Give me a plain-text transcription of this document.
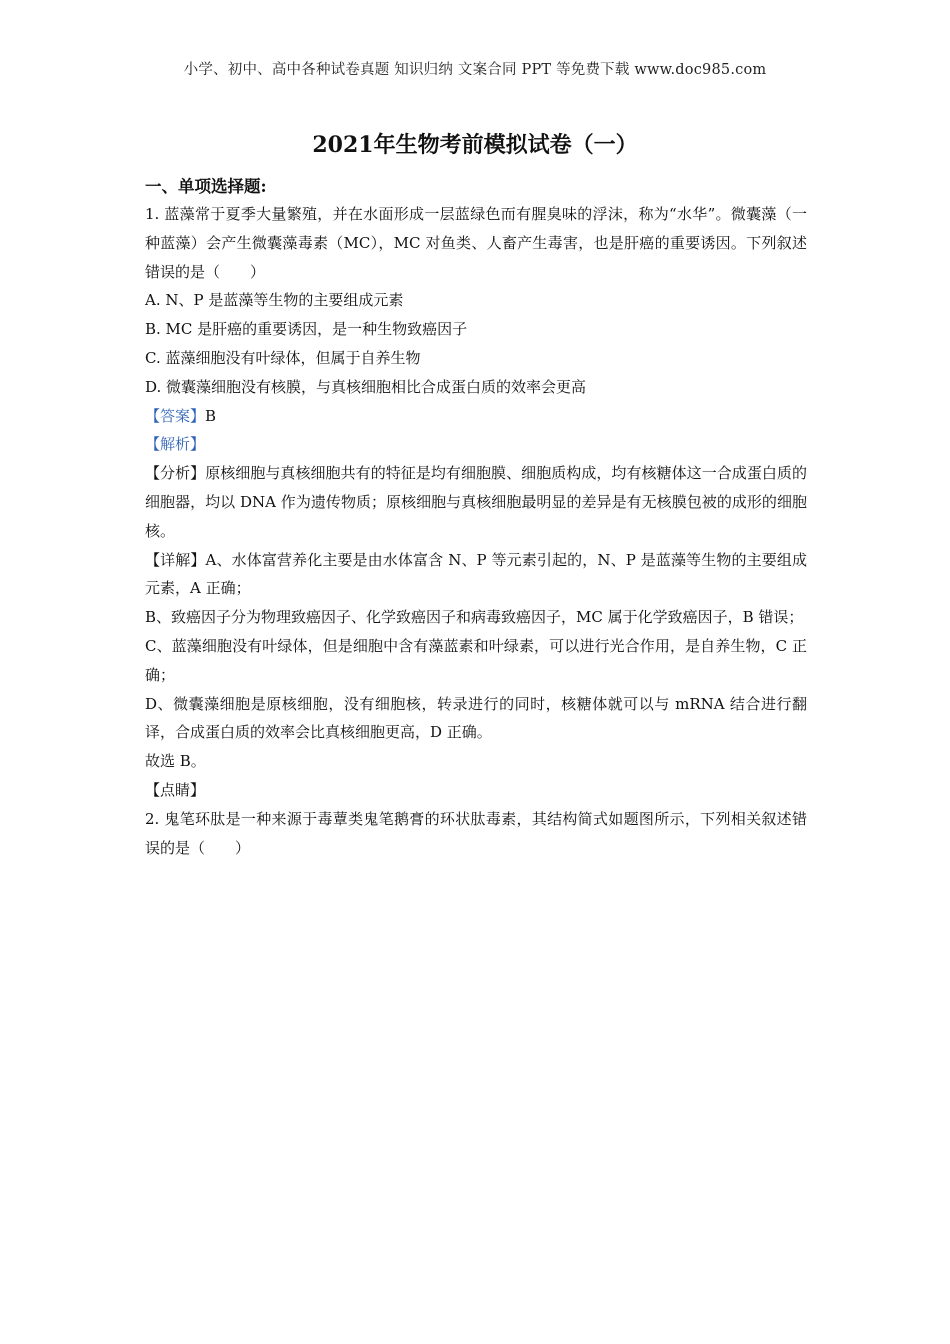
小学、初中、高中各种试卷真题 知识归纳 文案合同 PPT 等免费下载 www.doc985.com
2021年生物考前模拟试卷（一）
一、单项选择题:

1. 蓝藻常于夏季大量繁殖，并在水面形成一层蓝绿色而有腥臭味的浮沫，称为“水华”。微囊藻（一种蓝藻）会产生微囊藻毒素（MC），MC 对鱼类、人畜产生毒害，也是肝癌的重要诱因。下列叙述错误的是（　　）

A. N、P 是蓝藻等生物的主要组成元素

B. MC 是肝癌的重要诱因，是一种生物致癌因子

C. 蓝藻细胞没有叶绿体，但属于自养生物

D. 微囊藻细胞没有核膜，与真核细胞相比合成蛋白质的效率会更高

【答案】B

【解析】

【分析】原核细胞与真核细胞共有的特征是均有细胞膜、细胞质构成，均有核糖体这一合成蛋白质的细胞器，均以 DNA 作为遗传物质；原核细胞与真核细胞最明显的差异是有无核膜包被的成形的细胞核。

【详解】A、水体富营养化主要是由水体富含 N、P 等元素引起的，N、P 是蓝藻等生物的主要组成元素，A 正确；

B、致癌因子分为物理致癌因子、化学致癌因子和病毒致癌因子，MC 属于化学致癌因子，B 错误；

C、蓝藻细胞没有叶绿体，但是细胞中含有藻蓝素和叶绿素，可以进行光合作用，是自养生物，C 正确；

D、微囊藻细胞是原核细胞，没有细胞核，转录进行的同时，核糖体就可以与 mRNA 结合进行翻译，合成蛋白质的效率会比真核细胞更高，D 正确。

故选 B。

【点睛】

2. 鬼笔环肽是一种来源于毒蕈类鬼笔鹅膏的环状肽毒素，其结构简式如题图所示，下列相关叙述错误的是（　　）
